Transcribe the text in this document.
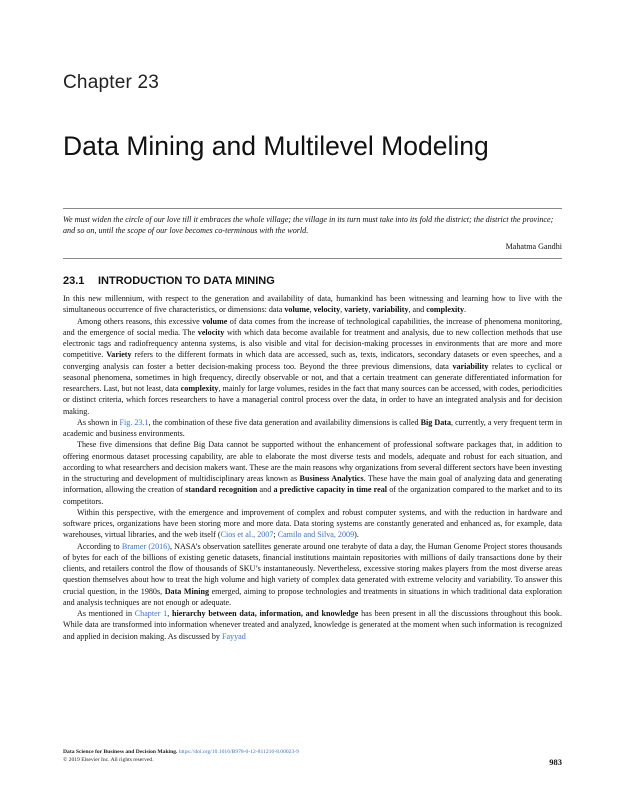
Chapter 23
Data Mining and Multilevel Modeling
We must widen the circle of our love till it embraces the whole village; the village in its turn must take into its fold the district; the district the province; and so on, until the scope of our love becomes co-terminous with the world.
Mahatma Gandhi
23.1 INTRODUCTION TO DATA MINING

In this new millennium, with respect to the generation and availability of data, humankind has been witnessing and learning how to live with the simultaneous occurrence of five characteristics, or dimensions: data volume, velocity, variety, variability, and complexity.

Among others reasons, this excessive volume of data comes from the increase of technological capabilities, the increase of phenomena monitoring, and the emergence of social media. The velocity with which data become available for treatment and analysis, due to new collection methods that use electronic tags and radiofrequency antenna systems, is also visible and vital for decision-making processes in environments that are more and more competitive. Variety refers to the different formats in which data are accessed, such as, texts, indicators, secondary datasets or even speeches, and a converging analysis can foster a better decision-making process too. Beyond the three previous dimensions, data variability relates to cyclical or seasonal phenomena, sometimes in high frequency, directly observable or not, and that a certain treatment can generate differentiated information for researchers. Last, but not least, data complexity, mainly for large volumes, resides in the fact that many sources can be accessed, with codes, periodicities or distinct criteria, which forces researchers to have a managerial control process over the data, in order to have an integrated analysis and for decision making.

As shown in Fig. 23.1, the combination of these five data generation and availability dimensions is called Big Data, currently, a very frequent term in academic and business environments.

These five dimensions that define Big Data cannot be supported without the enhancement of professional software packages that, in addition to offering enormous dataset processing capability, are able to elaborate the most diverse tests and models, adequate and robust for each situation, and according to what researchers and decision makers want. These are the main reasons why organizations from several different sectors have been investing in the structuring and development of multidisciplinary areas known as Business Analytics. These have the main goal of analyzing data and generating information, allowing the creation of standard recognition and a predictive capacity in time real of the organization compared to the market and to its competitors.

Within this perspective, with the emergence and improvement of complex and robust computer systems, and with the reduction in hardware and software prices, organizations have been storing more and more data. Data storing systems are constantly generated and enhanced as, for example, data warehouses, virtual libraries, and the web itself (Cios et al., 2007; Camilo and Silva, 2009).

According to Bramer (2016), NASA’s observation satellites generate around one terabyte of data a day, the Human Genome Project stores thousands of bytes for each of the billions of existing genetic datasets, financial institutions maintain repositories with millions of daily transactions done by their clients, and retailers control the flow of thousands of SKU’s instantaneously. Nevertheless, excessive storing makes players from the most diverse areas question themselves about how to treat the high volume and high variety of complex data generated with extreme velocity and variability. To answer this crucial question, in the 1980s, Data Mining emerged, aiming to propose technologies and treatments in situations in which traditional data exploration and analysis techniques are not enough or adequate.

As mentioned in Chapter 1, hierarchy between data, information, and knowledge has been present in all the discussions throughout this book. While data are transformed into information whenever treated and analyzed, knowledge is generated at the moment when such information is recognized and applied in decision making. As discussed by Fayyad

Data Science for Business and Decision Making. https://doi.org/10.1016/B978-0-12-811216-8.00023-9
© 2019 Elsevier Inc. All rights reserved.	983
